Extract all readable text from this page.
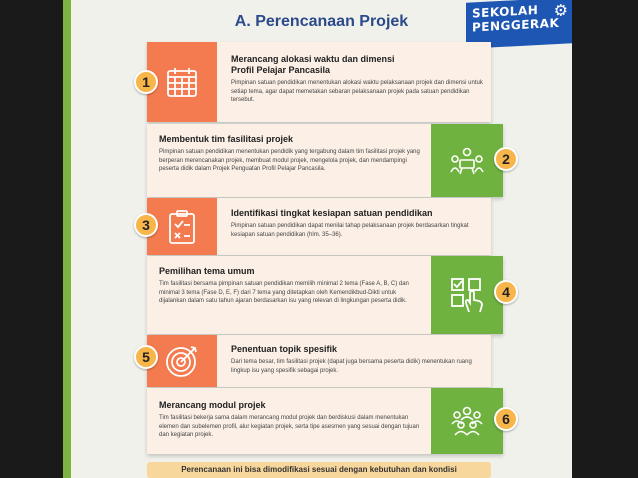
A. Perencanaan Projek
SEKOLAH
PENGGERAK
⚙
1
Merancang alokasi waktu dan dimensi Profil Pelajar Pancasila

Pimpinan satuan pendidikan menentukan alokasi waktu pelaksanaan projek dan dimensi untuk setiap tema, agar dapat memetakan sebaran pelaksanaan projek pada satuan pendidikan tersebut.

2
Membentuk tim fasilitasi projek

Pimpinan satuan pendidikan menentukan pendidik yang tergabung dalam tim fasilitasi projek yang berperan merencanakan projek, membuat modul projek, mengelola projek, dan mendampingi peserta didik dalam Projek Penguatan Profil Pelajar Pancasila.

3
Identifikasi tingkat kesiapan satuan pendidikan

Pimpinan satuan pendidikan dapat menilai tahap pelaksanaan projek berdasarkan tingkat kesiapan satuan pendidikan (hlm. 35–36).

4
Pemilihan tema umum

Tim fasilitasi bersama pimpinan satuan pendidikan memilih minimal 2 tema (Fase A, B, C) dan minimal 3 tema (Fase D, E, F) dari 7 tema yang ditetapkan oleh Kemendikbud-Dikti untuk dijalankan dalam satu tahun ajaran berdasarkan isu yang relevan di lingkungan peserta didik.

5	Penentuan topik spesifik

Dari tema besar, tim fasilitasi projek (dapat juga bersama peserta didik) menentukan ruang lingkup isu yang spesifik sebagai projek.

6
Merancang modul projek

Tim fasilitasi bekerja sama dalam merancang modul projek dan berdiskusi dalam menentukan elemen dan subelemen profil, alur kegiatan projek, serta tipe asesmen yang sesuai dengan tujuan dan kegiatan projek.

Perencanaan ini bisa dimodifikasi sesuai dengan kebutuhan dan kondisi
